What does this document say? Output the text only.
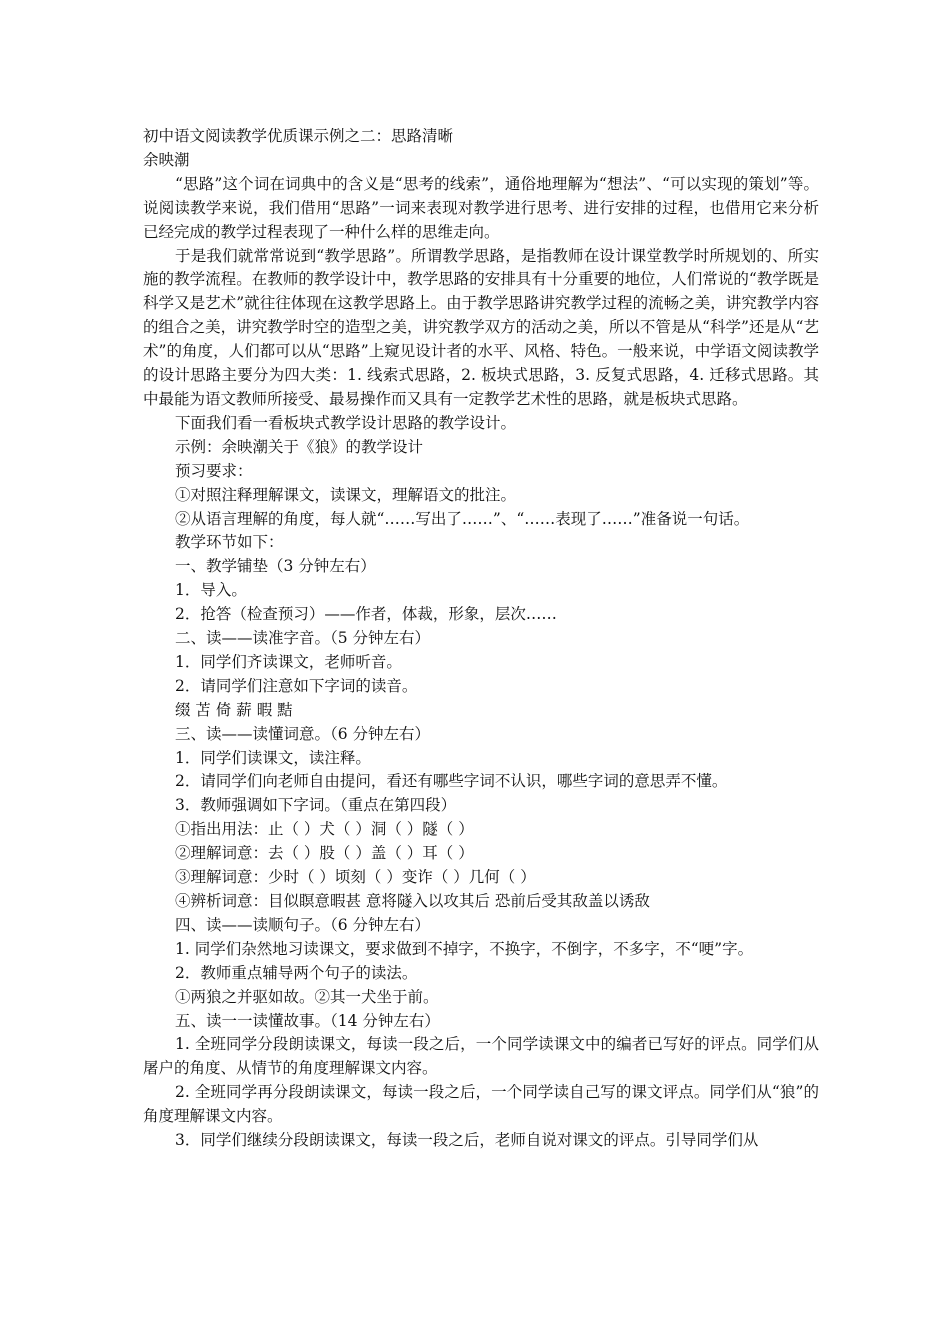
初中语文阅读教学优质课示例之二：思路清晰

余映潮

“思路”这个词在词典中的含义是“思考的线索”，通俗地理解为“想法”、“可以实现的策划”等。说阅读教学来说，我们借用“思路”一词来表现对教学进行思考、进行安排的过程，也借用它来分析已经完成的教学过程表现了一种什么样的思维走向。

于是我们就常常说到“教学思路”。所谓教学思路，是指教师在设计课堂教学时所规划的、所实施的教学流程。在教师的教学设计中，教学思路的安排具有十分重要的地位，人们常说的“教学既是科学又是艺术”就往往体现在这教学思路上。由于教学思路讲究教学过程的流畅之美，讲究教学内容的组合之美，讲究教学时空的造型之美，讲究教学双方的活动之美，所以不管是从“科学”还是从“艺术”的角度，人们都可以从“思路”上窥见设计者的水平、风格、特色。一般来说，中学语文阅读教学的设计思路主要分为四大类：1. 线索式思路，2. 板块式思路，3. 反复式思路，4. 迁移式思路。其中最能为语文教师所接受、最易操作而又具有一定教学艺术性的思路，就是板块式思路。

下面我们看一看板块式教学设计思路的教学设计。

示例：余映潮关于《狼》的教学设计

预习要求：

①对照注释理解课文，读课文，理解语文的批注。

②从语言理解的角度，每人就“……写出了……”、“……表现了……”准备说一句话。

教学环节如下：

一、教学铺垫（3 分钟左右）

1．导入。

2．抢答（检查预习）——作者，体裁，形象，层次……

二、读——读准字音。（5 分钟左右）

1．同学们齐读课文，老师听音。

2．请同学们注意如下字词的读音。

缀 苫 倚 薪 暇 黠

三、读——读懂词意。（6 分钟左右）

1．同学们读课文，读注释。

2．请同学们向老师自由提问，看还有哪些字词不认识，哪些字词的意思弄不懂。

3．教师强调如下字词。（重点在第四段）

①指出用法：止（ ）犬（ ）洞（ ）隧（ ）

②理解词意：去（ ）股（ ）盖（ ）耳（ ）

③理解词意：少时（ ）顷刻（ ）变诈（ ）几何（ ）

④辨析词意：目似瞑意暇甚 意将隧入以攻其后 恐前后受其敌盖以诱敌

四、读——读顺句子。（6 分钟左右）

1. 同学们杂然地习读课文，要求做到不掉字，不换字，不倒字，不多字，不“哽”字。

2．教师重点辅导两个句子的读法。

①两狼之并驱如故。②其一犬坐于前。

五、读一一读懂故事。（14 分钟左右）

1. 全班同学分段朗读课文，每读一段之后，一个同学读课文中的编者已写好的评点。同学们从屠户的角度、从情节的角度理解课文内容。

2. 全班同学再分段朗读课文，每读一段之后，一个同学读自己写的课文评点。同学们从“狼”的角度理解课文内容。

3．同学们继续分段朗读课文，每读一段之后，老师自说对课文的评点。引导同学们从
